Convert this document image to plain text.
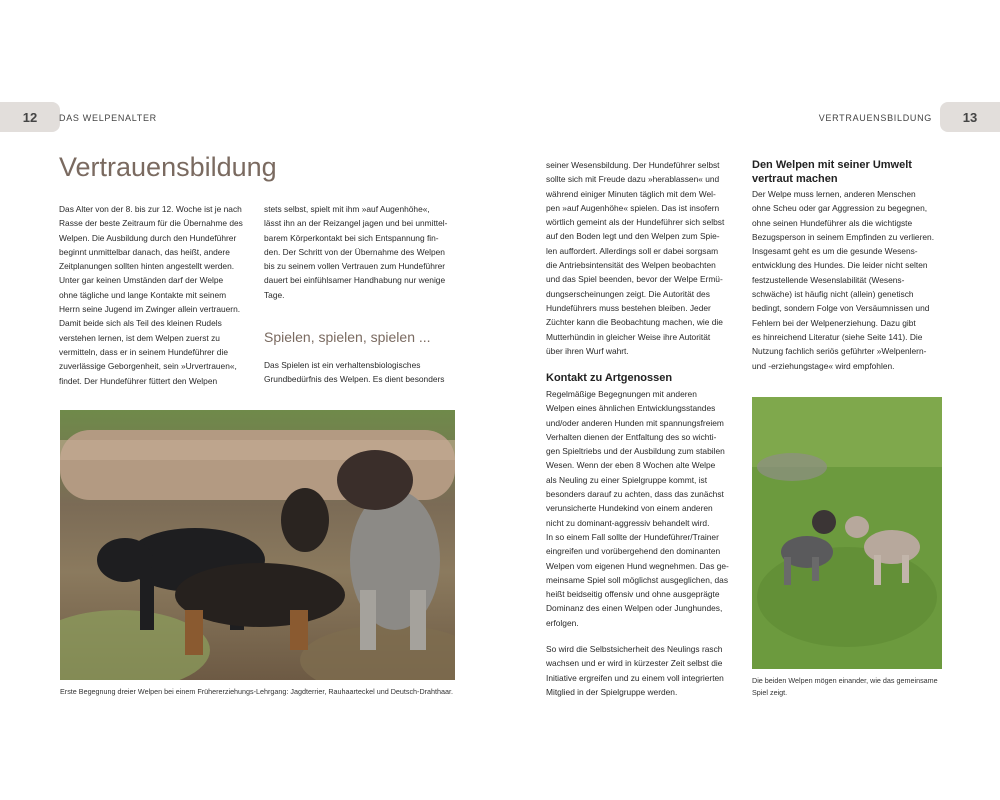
12	DAS WELPENALTER
Vertrauensbildung

Das Alter von der 8. bis zur 12. Woche ist je nach
Rasse der beste Zeitraum für die Übernahme des
Welpen. Die Ausbildung durch den Hundeführer
beginnt unmittelbar danach, das heißt, andere
Zeitplanungen sollten hinten angestellt werden.
Unter gar keinen Umständen darf der Welpe
ohne tägliche und lange Kontakte mit seinem
Herrn seine Jugend im Zwinger allein vertrauern.
Damit beide sich als Teil des kleinen Rudels
verstehen lernen, ist dem Welpen zuerst zu
vermitteln, dass er in seinem Hundeführer die
zuverlässige Geborgenheit, sein »Urvertrauen«,
findet. Der Hundeführer füttert den Welpen

stets selbst, spielt mit ihm »auf Augenhöhe«,
lässt ihn an der Reizangel jagen und bei unmittel-
barem Körperkontakt bei sich Entspannung fin-
den. Der Schritt von der Übernahme des Welpen
bis zu seinem vollen Vertrauen zum Hundeführer
dauert bei einfühlsamer Handhabung nur wenige
Tage.

Spielen, spielen, spielen ...

Das Spielen ist ein verhaltensbiologisches
Grundbedürfnis des Welpen. Es dient besonders

Erste Begegnung dreier Welpen bei einem Frühererziehungs-Lehrgang: Jagdterrier, Rauhaarteckel und Deutsch-Drahthaar.

13
VERTRAUENSBILDUNG

seiner Wesensbildung. Der Hundeführer selbst
sollte sich mit Freude dazu »herablassen« und
während einiger Minuten täglich mit dem Wel-
pen »auf Augenhöhe« spielen. Das ist insofern
wörtlich gemeint als der Hundeführer sich selbst
auf den Boden legt und den Welpen zum Spie-
len auffordert. Allerdings soll er dabei sorgsam
die Antriebsintensität des Welpen beobachten
und das Spiel beenden, bevor der Welpe Ermü-
dungserscheinungen zeigt. Die Autorität des
Hundeführers muss bestehen bleiben. Jeder
Züchter kann die Beobachtung machen, wie die
Mutterhündin in gleicher Weise ihre Autorität
über ihren Wurf wahrt.

Kontakt zu Artgenossen

Regelmäßige Begegnungen mit anderen
Welpen eines ähnlichen Entwicklungsstandes
und/oder anderen Hunden mit spannungsfreiem
Verhalten dienen der Entfaltung des so wichti-
gen Spieltriebs und der Ausbildung zum stabilen
Wesen. Wenn der eben 8 Wochen alte Welpe
als Neuling zu einer Spielgruppe kommt, ist
besonders darauf zu achten, dass das zunächst
verunsicherte Hundekind von einem anderen
nicht zu dominant-aggressiv behandelt wird.
In so einem Fall sollte der Hundeführer/Trainer
eingreifen und vorübergehend den dominanten
Welpen vom eigenen Hund wegnehmen. Das ge-
meinsame Spiel soll möglichst ausgeglichen, das
heißt beidseitig offensiv und ohne ausgeprägte
Dominanz des einen Welpen oder Junghundes,
erfolgen.

So wird die Selbstsicherheit des Neulings rasch
wachsen und er wird in kürzester Zeit selbst die
Initiative ergreifen und zu einem voll integrierten
Mitglied in der Spielgruppe werden.

Den Welpen mit seiner Umwelt
vertraut machen

Der Welpe muss lernen, anderen Menschen
ohne Scheu oder gar Aggression zu begegnen,
ohne seinen Hundeführer als die wichtigste
Bezugsperson in seinem Empfinden zu verlieren.
Insgesamt geht es um die gesunde Wesens-
entwicklung des Hundes. Die leider nicht selten
festzustellende Wesenslabilität (Wesens-
schwäche) ist häufig nicht (allein) genetisch
bedingt, sondern Folge von Versäumnissen und
Fehlern bei der Welpenerziehung. Dazu gibt
es hinreichend Literatur (siehe Seite 141). Die
Nutzung fachlich seriös geführter »Welpenlern-
und -erziehungstage« wird empfohlen.

Die beiden Welpen mögen einander, wie das gemeinsame
Spiel zeigt.
